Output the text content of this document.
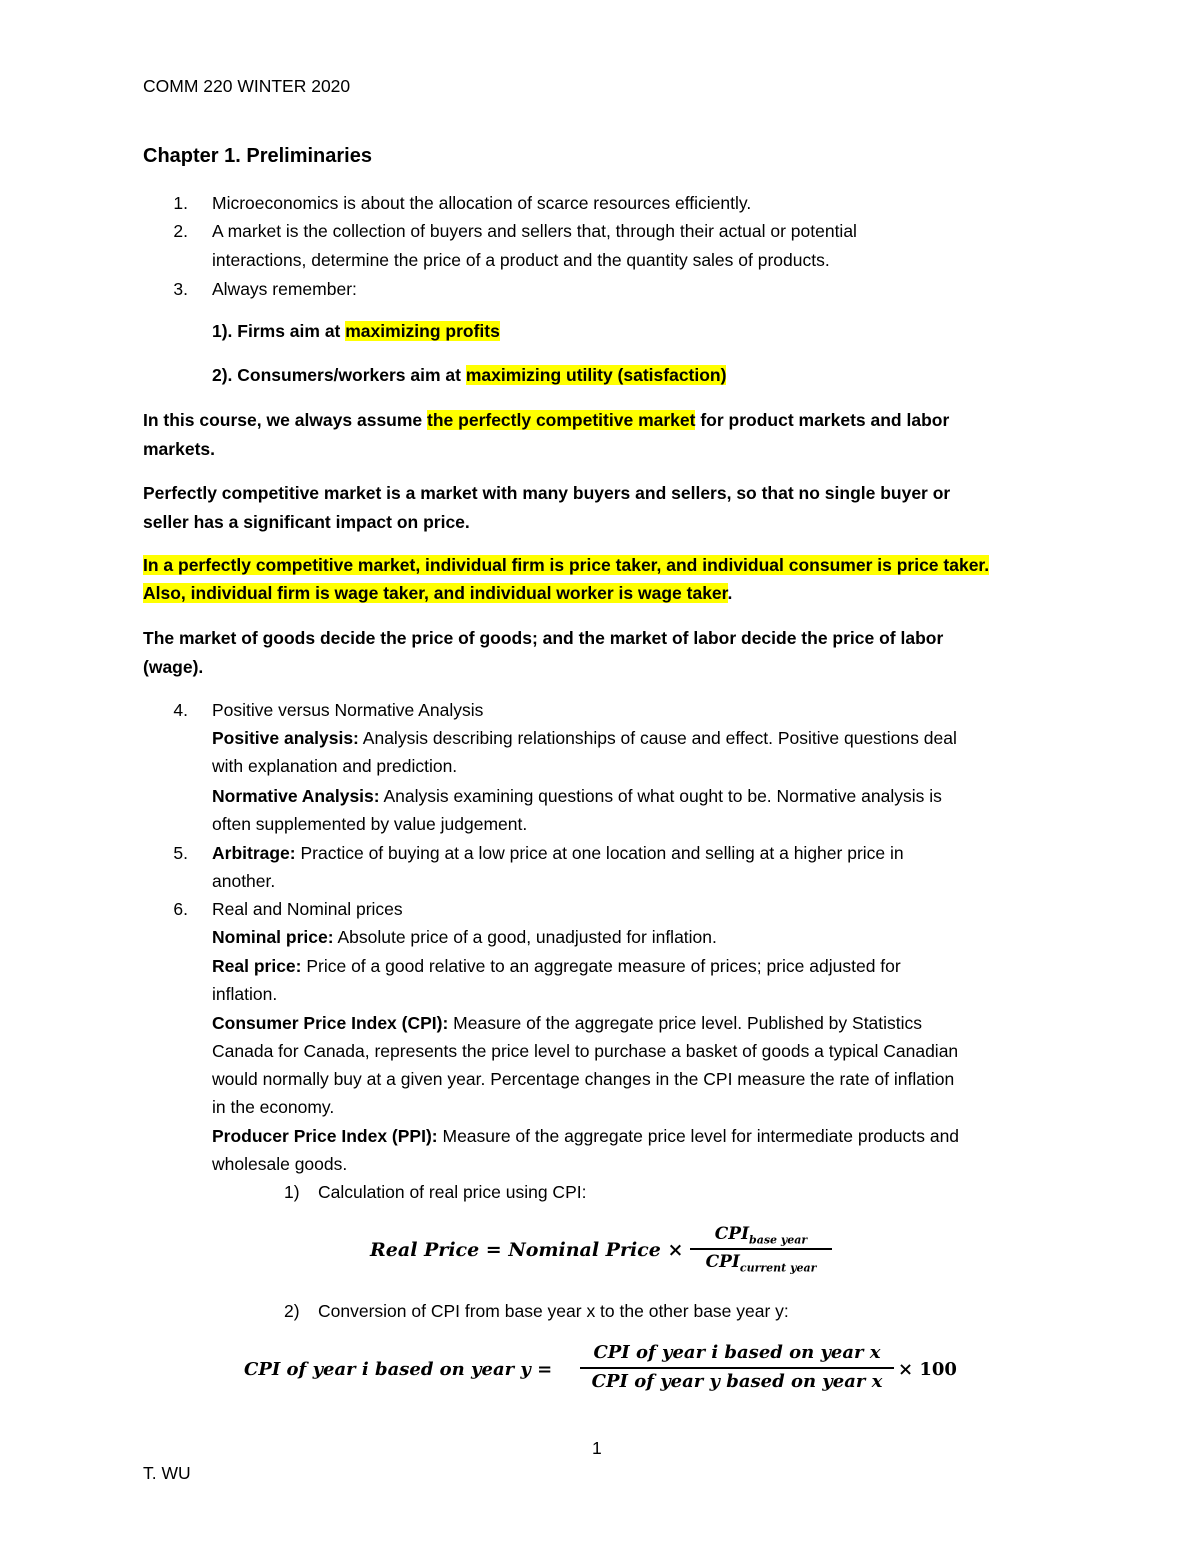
COMM 220 WINTER 2020
Chapter 1. Preliminaries
1. Microeconomics is about the allocation of scarce resources efficiently.
2. A market is the collection of buyers and sellers that, through their actual or potential
interactions, determine the price of a product and the quantity sales of products.
3. Always remember:
1). Firms aim at maximizing profits
2). Consumers/workers aim at maximizing utility (satisfaction)
In this course, we always assume the perfectly competitive market for product markets and labor
markets.
Perfectly competitive market is a market with many buyers and sellers, so that no single buyer or
seller has a significant impact on price.
In a perfectly competitive market, individual firm is price taker, and individual consumer is price taker.
Also, individual firm is wage taker, and individual worker is wage taker.
The market of goods decide the price of goods; and the market of labor decide the price of labor
(wage).
4. Positive versus Normative Analysis
Positive analysis: Analysis describing relationships of cause and effect. Positive questions deal
with explanation and prediction.
Normative Analysis: Analysis examining questions of what ought to be. Normative analysis is
often supplemented by value judgement.
5. Arbitrage: Practice of buying at a low price at one location and selling at a higher price in
another.
6. Real and Nominal prices
Nominal price: Absolute price of a good, unadjusted for inflation.
Real price: Price of a good relative to an aggregate measure of prices; price adjusted for
inflation.
Consumer Price Index (CPI): Measure of the aggregate price level. Published by Statistics
Canada for Canada, represents the price level to purchase a basket of goods a typical Canadian
would normally buy at a given year. Percentage changes in the CPI measure the rate of inflation
in the economy.
Producer Price Index (PPI): Measure of the aggregate price level for intermediate products and
wholesale goods.
1) Calculation of real price using CPI:
Real Price = Nominal Price ×
$CPI_{base year}$
$CPI_{current year}$
2) Conversion of CPI from base year x to the other base year y:
CPI of year i based on year y =
CPI of year i based on year x
CPI of year y based on year x
× 100
1
T. WU
